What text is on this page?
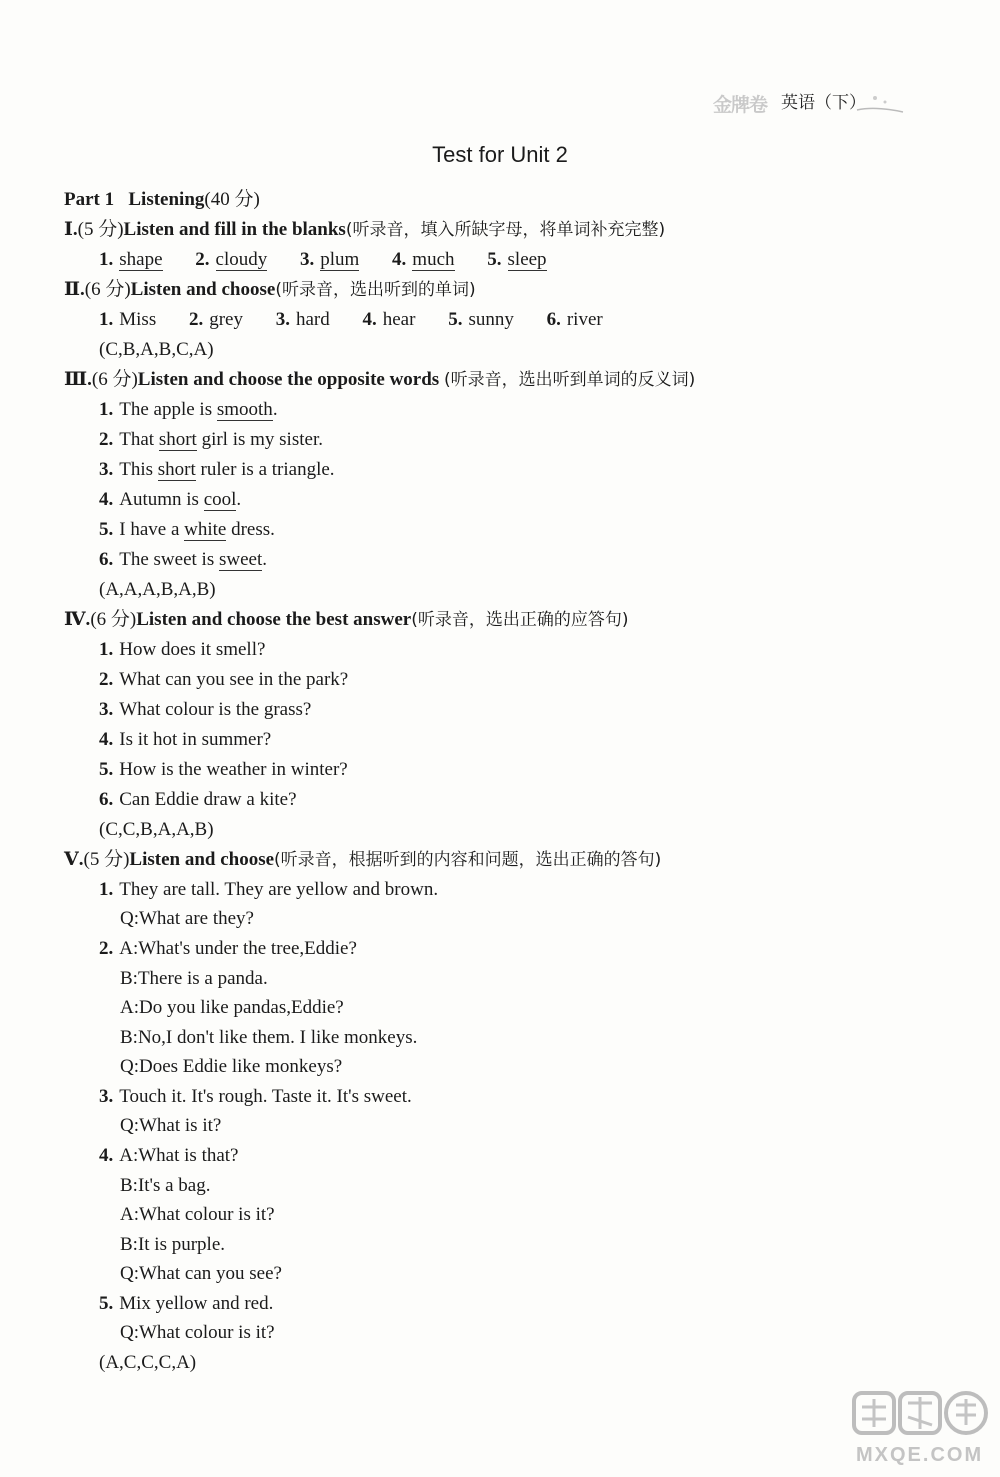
金牌卷 英语（下）
Test for Unit 2
Part 1 Listening(40 分)
Ⅰ.(5 分)Listen and fill in the blanks(听录音，填入所缺字母，将单词补充完整)
1. shape 2. cloudy 3. plum 4. much 5. sleep
Ⅱ.(6 分)Listen and choose(听录音，选出听到的单词)
1. Miss 2. grey 3. hard 4. hear 5. sunny 6. river
(C,B,A,B,C,A)
Ⅲ.(6 分)Listen and choose the opposite words (听录音，选出听到单词的反义词)
1. The apple is smooth.
2. That short girl is my sister.
3. This short ruler is a triangle.
4. Autumn is cool.
5. I have a white dress.
6. The sweet is sweet.
(A,A,A,B,A,B)
Ⅳ.(6 分)Listen and choose the best answer(听录音，选出正确的应答句)
1. How does it smell?
2. What can you see in the park?
3. What colour is the grass?
4. Is it hot in summer?
5. How is the weather in winter?
6. Can Eddie draw a kite?
(C,C,B,A,A,B)
Ⅴ.(5 分)Listen and choose(听录音，根据听到的内容和问题，选出正确的答句)
1. They are tall. They are yellow and brown.
Q:What are they?
2. A:What's under the tree,Eddie?
B:There is a panda.
A:Do you like pandas,Eddie?
B:No,I don't like them. I like monkeys.
Q:Does Eddie like monkeys?
3. Touch it. It's rough. Taste it. It's sweet.
Q:What is it?
4. A:What is that?
B:It's a bag.
A:What colour is it?
B:It is purple.
Q:What can you see?
5. Mix yellow and red.
Q:What colour is it?
(A,C,C,C,A)
MXQE.COM
